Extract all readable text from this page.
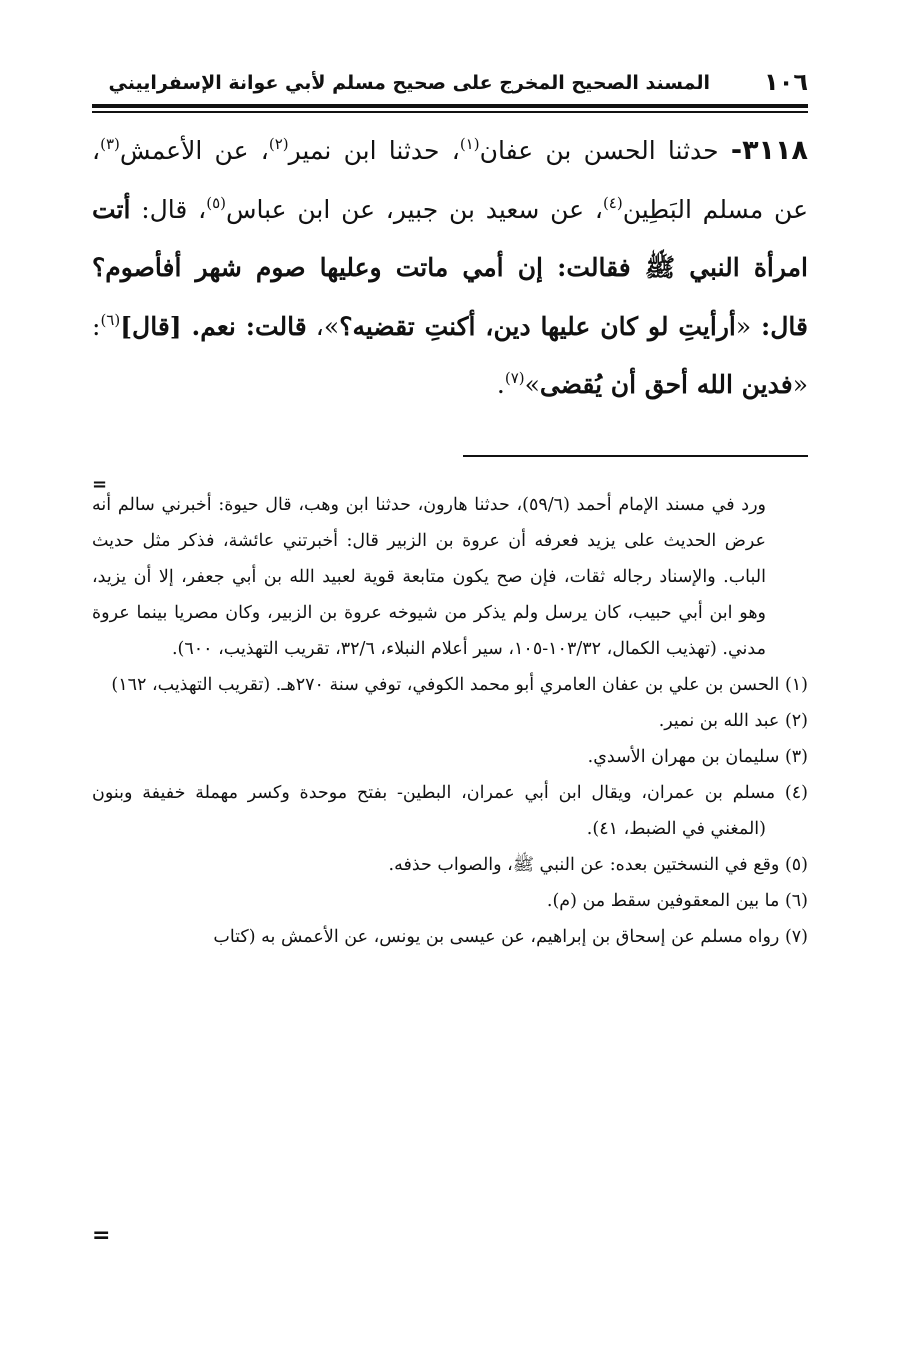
١٠٦
المسند الصحيح المخرج على صحيح مسلم لأبي عوانة الإسفراييني
٣١١٨- حدثنا الحسن بن عفان$^{(١)}$، حدثنا ابن نمير$^{(٢)}$، عن الأعمش$^{(٣)}$، عن مسلم البَطِين$^{(٤)}$، عن سعيد بن جبير، عن ابن عباس$^{(٥)}$، قال: أتت امرأة النبي ﷺ فقالت: إن أمي ماتت وعليها صوم شهر أفأصوم؟ قال: «أرأيتِ لو كان عليها دين، أكنتِ تقضيه؟»، قالت: نعم. [قال]$^{(٦)}$: «فدين الله أحق أن يُقضى»$^{(٧)}$.
=

ورد في مسند الإمام أحمد (٥٩/٦)، حدثنا هارون، حدثنا ابن وهب، قال حيوة: أخبرني سالم أنه عرض الحديث على يزيد فعرفه أن عروة بن الزبير قال: أخبرتني عائشة، فذكر مثل حديث الباب. والإسناد رجاله ثقات، فإن صح يكون متابعة قوية لعبيد الله بن أبي جعفر، إلا أن يزيد، وهو ابن أبي حبيب، كان يرسل ولم يذكر من شيوخه عروة بن الزبير، وكان مصريا بينما عروة مدني. (تهذيب الكمال، ١٠٣/٣٢-١٠٥، سير أعلام النبلاء، ٣٢/٦، تقريب التهذيب، ٦٠٠).

(١) الحسن بن علي بن عفان العامري أبو محمد الكوفي، توفي سنة ٢٧٠هـ. (تقريب التهذيب، ١٦٢)
(٢) عبد الله بن نمير.
(٣) سليمان بن مهران الأسدي.
(٤) مسلم بن عمران، ويقال ابن أبي عمران، البطين- بفتح موحدة وكسر مهملة خفيفة وبنون (المغني في الضبط، ٤١).
(٥) وقع في النسختين بعده: عن النبي ﷺ، والصواب حذفه.
(٦) ما بين المعقوفين سقط من (م).
(٧) رواه مسلم عن إسحاق بن إبراهيم، عن عيسى بن يونس، عن الأعمش به (كتاب
=
